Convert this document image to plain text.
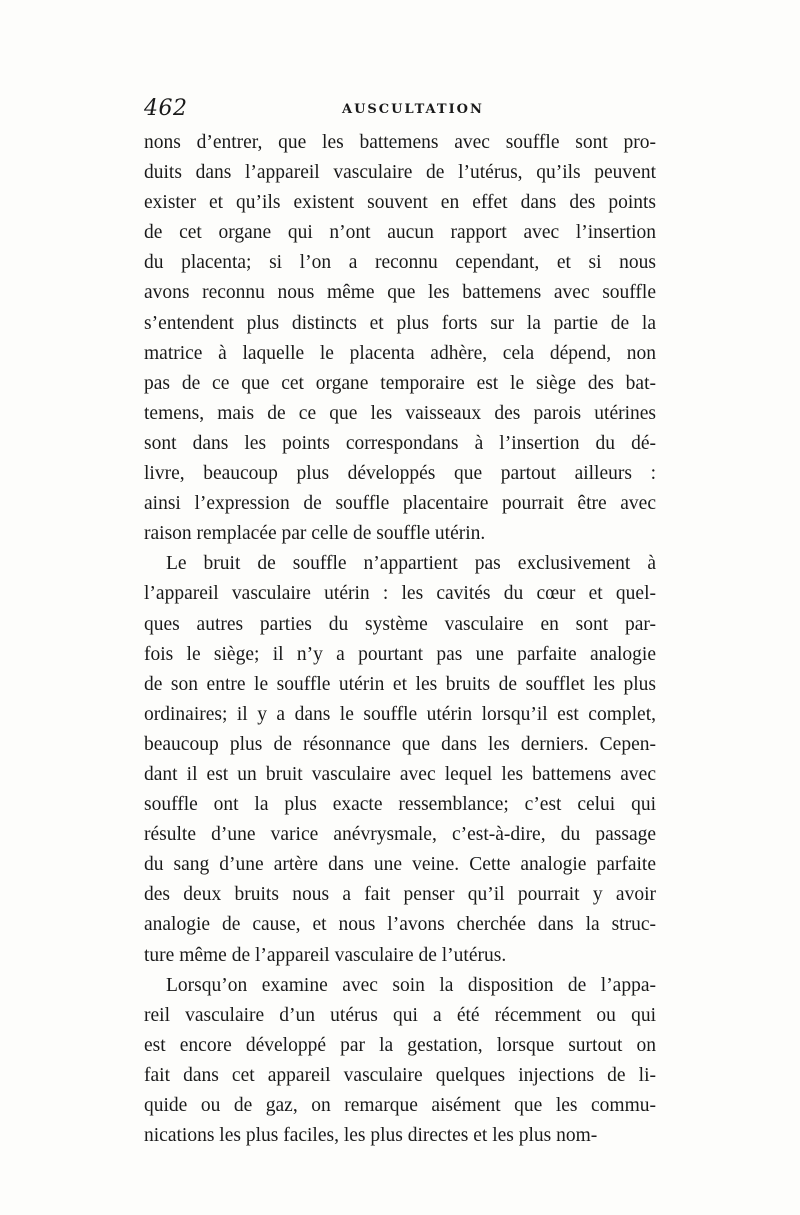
462	AUSCULTATION
nons d’entrer, que les battemens avec souffle sont pro-
duits dans l’appareil vasculaire de l’utérus, qu’ils peuvent
exister et qu’ils existent souvent en effet dans des points
de cet organe qui n’ont aucun rapport avec l’insertion
du placenta; si l’on a reconnu cependant, et si nous
avons reconnu nous même que les battemens avec souffle
s’entendent plus distincts et plus forts sur la partie de la
matrice à laquelle le placenta adhère, cela dépend, non
pas de ce que cet organe temporaire est le siège des bat-
temens, mais de ce que les vaisseaux des parois utérines
sont dans les points correspondans à l’insertion du dé-
livre, beaucoup plus développés que partout ailleurs :
ainsi l’expression de souffle placentaire pourrait être avec
raison remplacée par celle de souffle utérin.
Le bruit de souffle n’appartient pas exclusivement à
l’appareil vasculaire utérin : les cavités du cœur et quel-
ques autres parties du système vasculaire en sont par-
fois le siège; il n’y a pourtant pas une parfaite analogie
de son entre le souffle utérin et les bruits de soufflet les plus
ordinaires; il y a dans le souffle utérin lorsqu’il est complet,
beaucoup plus de résonnance que dans les derniers. Cepen-
dant il est un bruit vasculaire avec lequel les battemens avec
souffle ont la plus exacte ressemblance; c’est celui qui
résulte d’une varice anévrysmale, c’est-à-dire, du passage
du sang d’une artère dans une veine. Cette analogie parfaite
des deux bruits nous a fait penser qu’il pourrait y avoir
analogie de cause, et nous l’avons cherchée dans la struc-
ture même de l’appareil vasculaire de l’utérus.
Lorsqu’on examine avec soin la disposition de l’appa-
reil vasculaire d’un utérus qui a été récemment ou qui
est encore développé par la gestation, lorsque surtout on
fait dans cet appareil vasculaire quelques injections de li-
quide ou de gaz, on remarque aisément que les commu-
nications les plus faciles, les plus directes et les plus nom-
